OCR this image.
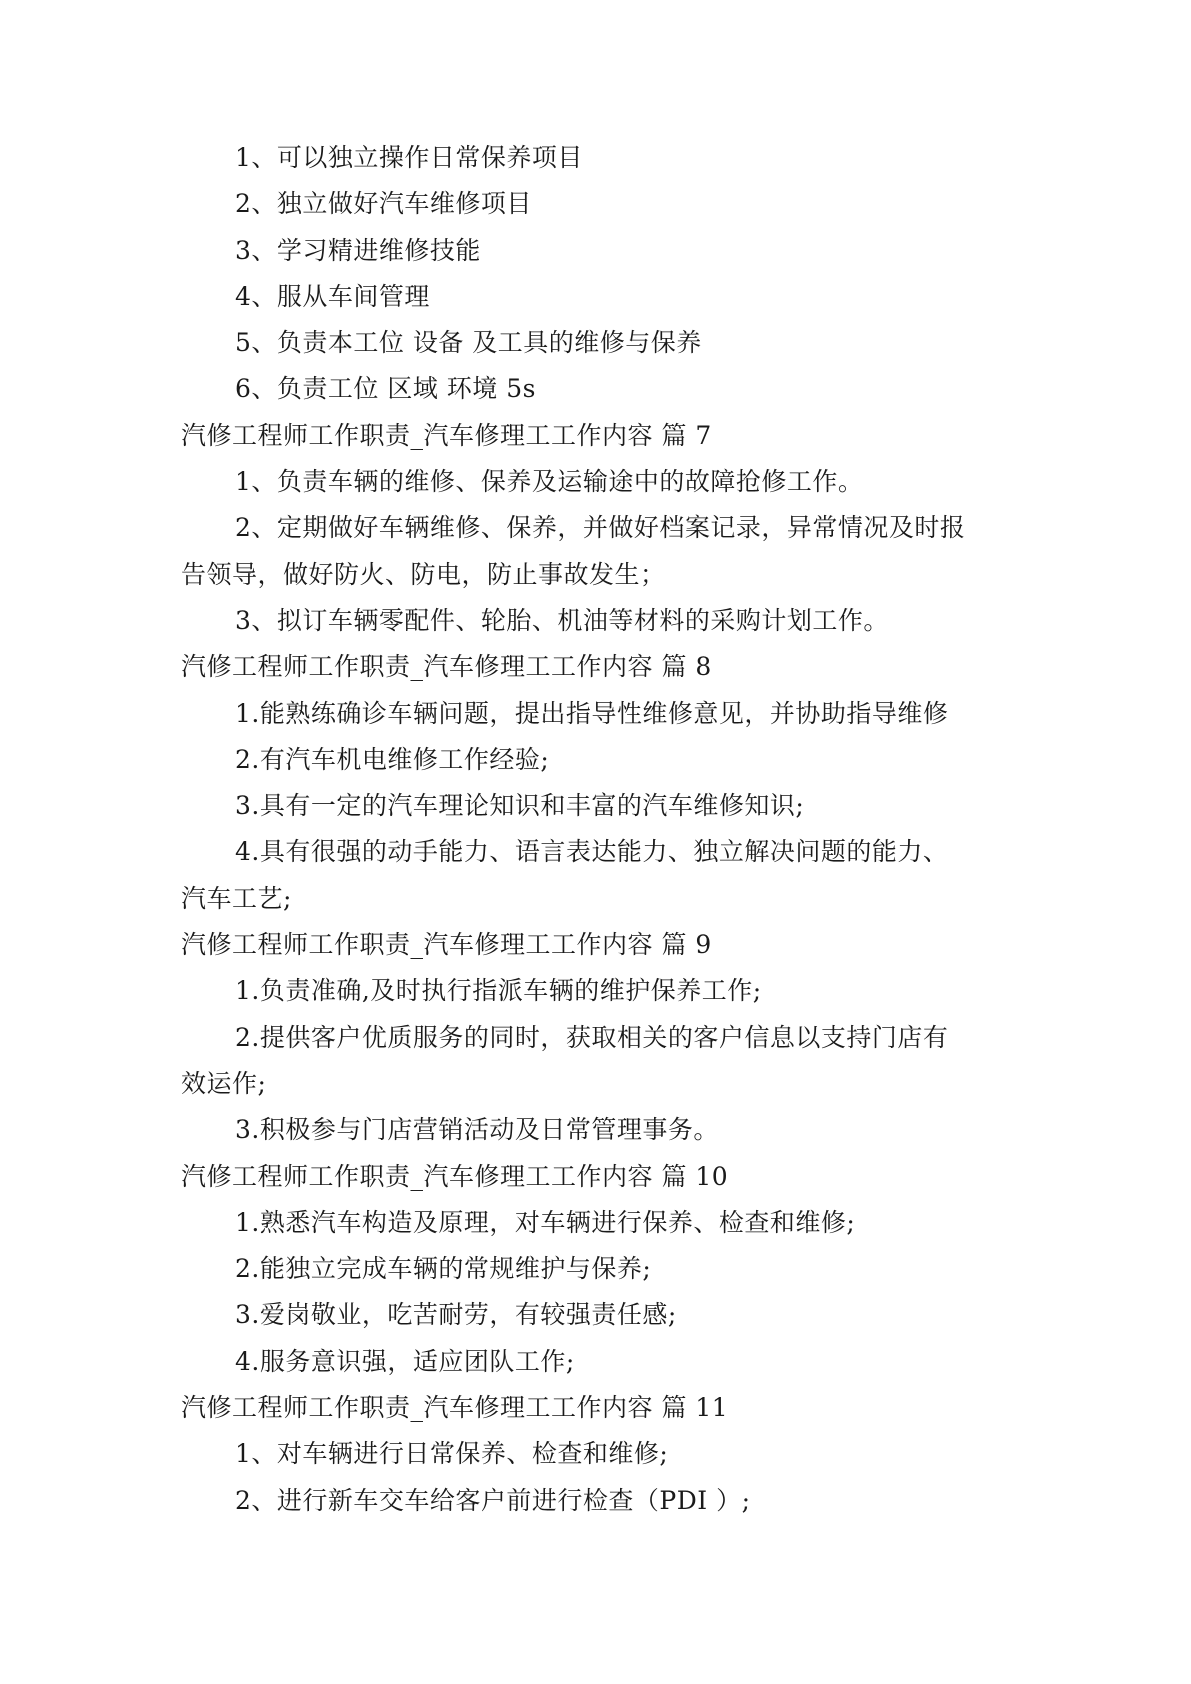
1、可以独立操作日常保养项目
2、独立做好汽车维修项目
3、学习精进维修技能
4、服从车间管理
5、负责本工位 设备 及工具的维修与保养
6、负责工位 区域 环境 5s
汽修工程师工作职责_汽车修理工工作内容 篇 7
1、负责车辆的维修、保养及运输途中的故障抢修工作。
2、定期做好车辆维修、保养，并做好档案记录，异常情况及时报
告领导，做好防火、防电，防止事故发生；
3、拟订车辆零配件、轮胎、机油等材料的采购计划工作。
汽修工程师工作职责_汽车修理工工作内容 篇 8
1.能熟练确诊车辆问题，提出指导性维修意见，并协助指导维修
2.有汽车机电维修工作经验;
3.具有一定的汽车理论知识和丰富的汽车维修知识;
4.具有很强的动手能力、语言表达能力、独立解决问题的能力、
汽车工艺;
汽修工程师工作职责_汽车修理工工作内容 篇 9
1.负责准确,及时执行指派车辆的维护保养工作;
2.提供客户优质服务的同时，获取相关的客户信息以支持门店有
效运作;
3.积极参与门店营销活动及日常管理事务。
汽修工程师工作职责_汽车修理工工作内容 篇 10
1.熟悉汽车构造及原理，对车辆进行保养、检查和维修;
2.能独立完成车辆的常规维护与保养;
3.爱岗敬业，吃苦耐劳，有较强责任感;
4.服务意识强，适应团队工作;
汽修工程师工作职责_汽车修理工工作内容 篇 11
1、对车辆进行日常保养、检查和维修;
2、进行新车交车给客户前进行检查（PDI ）;
